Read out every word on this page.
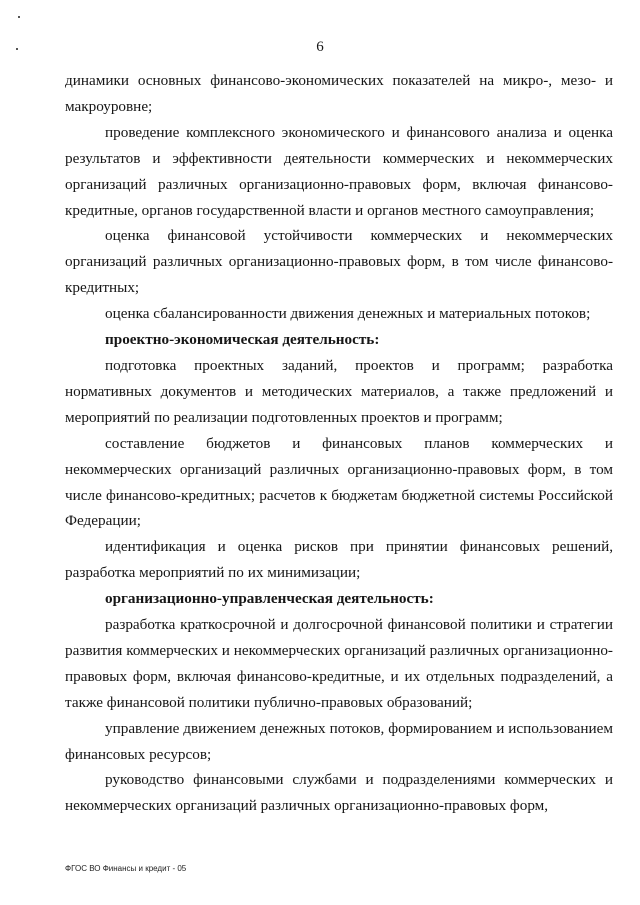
6

динамики основных финансово-экономических показателей на микро-, мезо- и макроуровне;

проведение комплексного экономического и финансового анализа и оценка результатов и эффективности деятельности коммерческих и некоммерческих организаций различных организационно-правовых форм, включая финансово-кредитные, органов государственной власти и органов местного самоуправления;

оценка финансовой устойчивости коммерческих и некоммерческих организаций различных организационно-правовых форм, в том числе финансово-кредитных;

оценка сбалансированности движения денежных и материальных потоков;

проектно-экономическая деятельность:

подготовка проектных заданий, проектов и программ; разработка нормативных документов и методических материалов, а также предложений и мероприятий по реализации подготовленных проектов и программ;

составление бюджетов и финансовых планов коммерческих и некоммерческих организаций различных организационно-правовых форм, в том числе финансово-кредитных; расчетов к бюджетам бюджетной системы Российской Федерации;

идентификация и оценка рисков при принятии финансовых решений, разработка мероприятий по их минимизации;

организационно-управленческая деятельность:

разработка краткосрочной и долгосрочной финансовой политики и стратегии развития коммерческих и некоммерческих организаций различных организационно-правовых форм, включая финансово-кредитные, и их отдельных подразделений, а также финансовой политики публично-правовых образований;

управление движением денежных потоков, формированием и использованием финансовых ресурсов;

руководство финансовыми службами и подразделениями коммерческих и некоммерческих организаций различных организационно-правовых форм,

ФГОС ВО Финансы и кредит - 05
